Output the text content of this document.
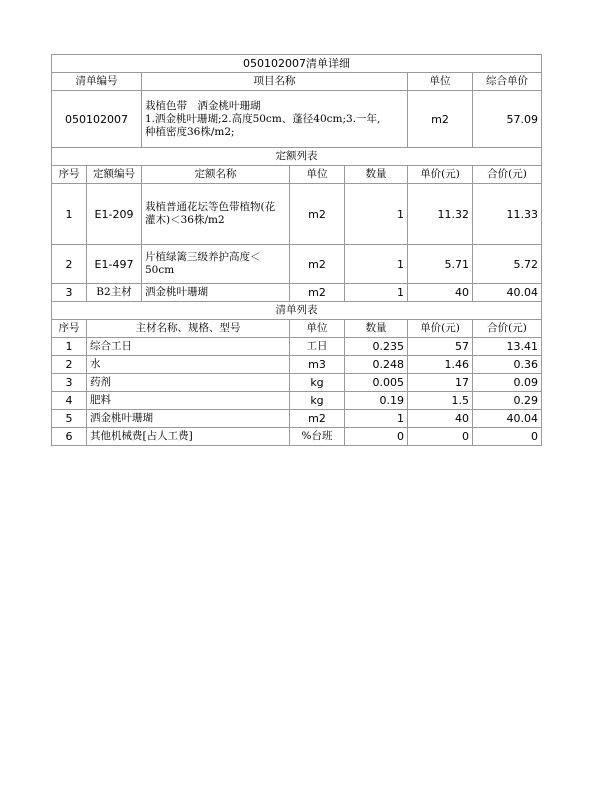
050102007清单详细						
清单编号		项目名称			单位	综合单价
050102007		栽植色带　洒金桃叶珊瑚
1.洒金桃叶珊瑚;2.高度50cm、蓬径40cm;3.一年,
种植密度36株/m2;			m2	57.09
定额列表						
序号	定额编号	定额名称	单位	数量	单价(元)	合价(元)
1	E1-209	栽植普通花坛等色带植物(花
灌木)＜36株/m2	m2	1	11.32	11.33
2	E1-497	片植绿篱三级养护高度＜
50cm	m2	1	5.71	5.72
3	B2主材	洒金桃叶珊瑚	m2	1	40	40.04
清单列表						
序号	主材名称、规格、型号		单位	数量	单价(元)	合价(元)
1	综合工日		工日	0.235	57	13.41
2	水		m3	0.248	1.46	0.36
3	药剂		kg	0.005	17	0.09
4	肥料		kg	0.19	1.5	0.29
5	洒金桃叶珊瑚		m2	1	40	40.04
6	其他机械费[占人工费]		%台班	0	0	0
